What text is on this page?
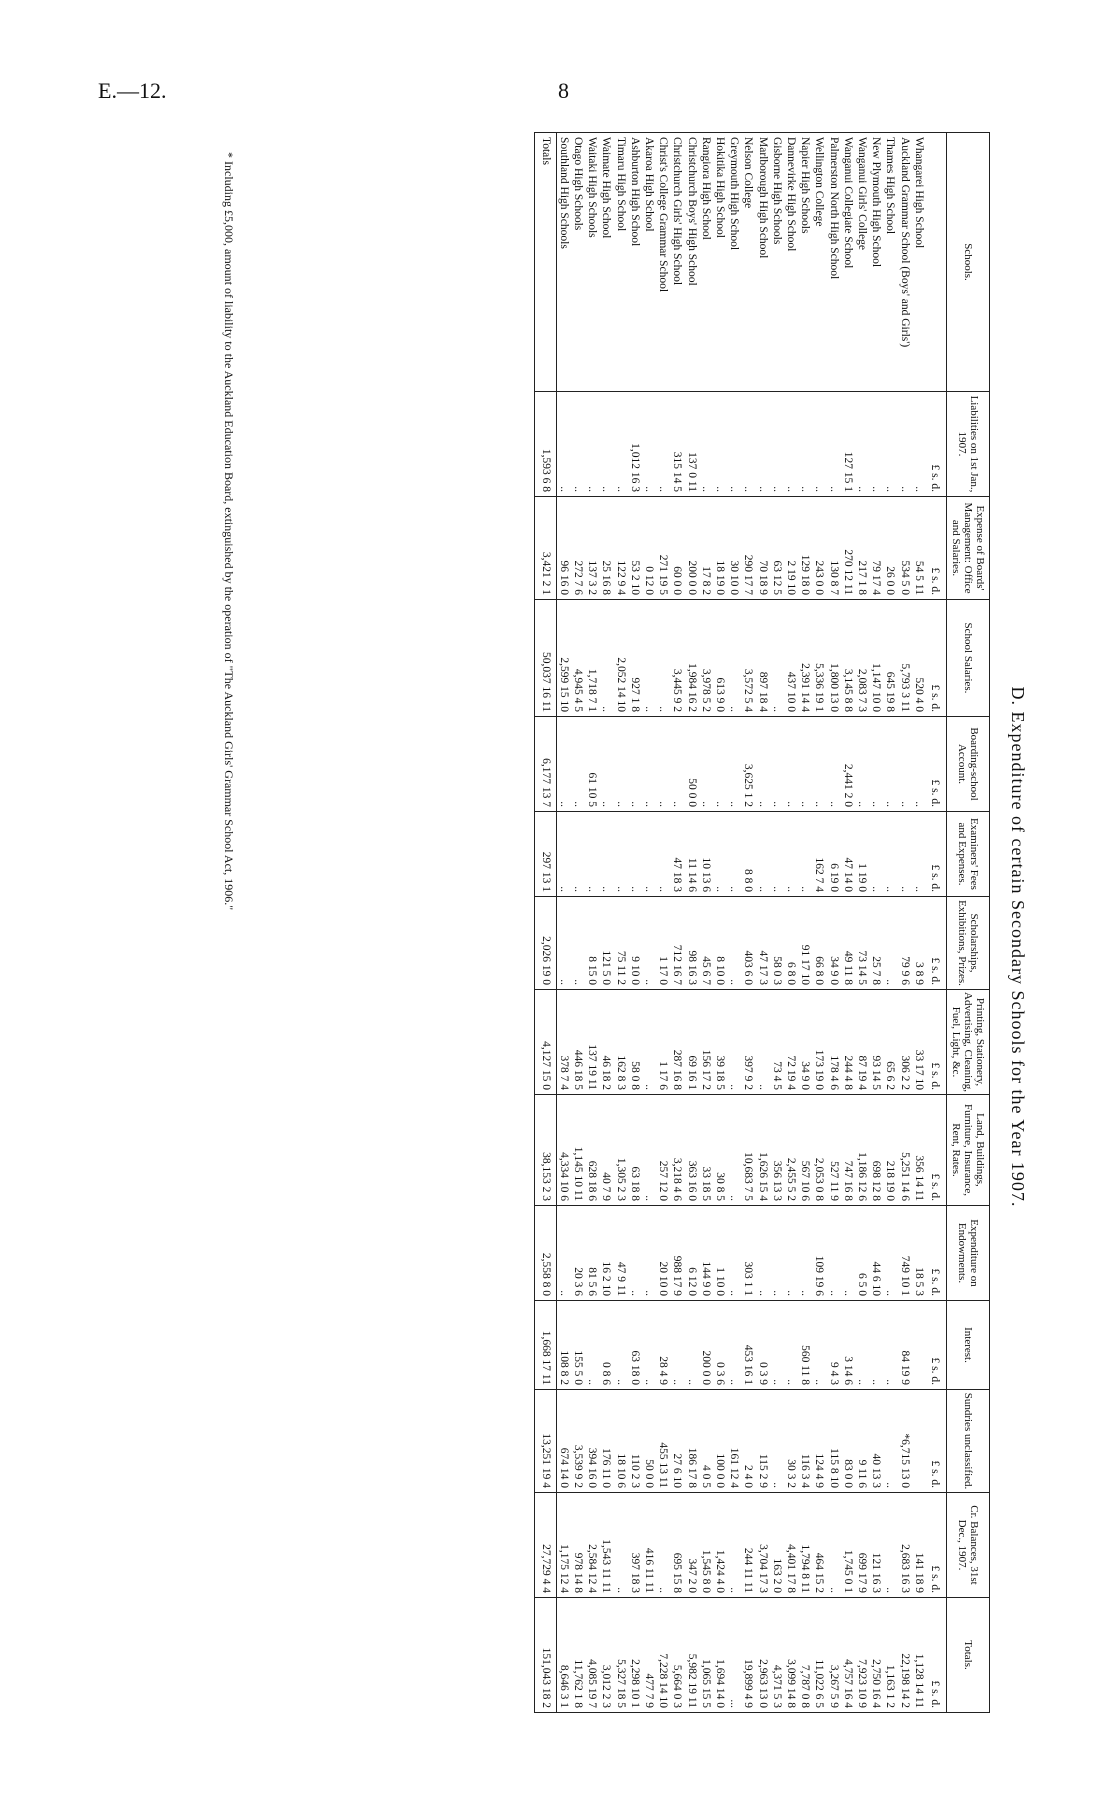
E.—12.	8
D. Expenditure of certain Secondary Schools for the Year 1907.
Schools.	Liabilities on 1st Jan., 1907.	Expense of Boards' Management: Office and Salaries.	School Salaries.	Boarding-school Account.	Examiners' Fees and Expenses.	Scholarships, Exhibitions, Prizes.	Printing, Stationery, Advertising, Cleaning, Fuel, Light, &c.	Land, Buildings, Furniture, Insurance, Rent, Rates.	Expenditure on Endowments.	Interest.	Sundries unclassified.	Cr. Balances, 31st Dec., 1907.	Totals.
	£ s. d.	£ s. d.	£ s. d.	£ s. d.	£ s. d.	£ s. d.	£ s. d.	£ s. d.	£ s. d.	£ s. d.	£ s. d.	£ s. d.	£ s. d.
Whangarei High School	..	54 5 11	520 4 0	..	..	3 8 9	33 17 10	356 14 11	18 5 3			141 18 9	1,128 14 11
Auckland Grammar School (Boys' and Girls')	..	534 5 0	5,793 3 11	..	..	79 9 6	306 2 2	5,251 14 6	749 10 1	84 19 9	*6,715 13 0	2,683 16 3	22,198 14 2
Thames High School	..	26 0 0	645 19 8	..	..	..	65 6 2	218 19 0	..	..	..	..	1,163 1 2
New Plymouth High School	..	79 17 4	1,147 10 0	..	..	25 7 8	93 14 5	698 12 8	44 6 10	..	40 13 3	121 16 3	2,750 16 4
Wanganui Girls' College	..	217 1 8	2,083 7 3	..	1 19 0	73 14 5	87 19 4	1,186 12 6	6 5 0	..	9 11 6	699 17 9	7,923 10 9
Wanganui Collegiate School	127 15 1	270 12 11	3,145 8 8	2,441 2 0	47 14 0	49 11 8	244 4 8	747 16 8	..	3 14 6	83 0 0	1,745 0 1	4,757 16 4
Palmerston North High School	..	130 8 7	1,800 13 0	..	6 19 0	34 9 0	178 4 6	527 11 9	..	9 4 3	115 8 10	..	3,267 5 9
Wellington College	..	243 0 0	5,336 19 1	..	162 7 4	66 8 0	173 19 0	2,053 0 8	109 19 6	..	124 4 9	464 15 2	11,022 6 5
Napier High Schools	..	129 18 0	2,391 14 4	..	..	91 17 10	34 9 0	567 10 6	..	560 11 8	116 3 4	1,794 8 11	7,787 0 8
Dannevirke High School	..	2 19 10	437 10 0	..	..	6 8 0	72 19 4	2,455 5 2	..	..	30 3 2	4,401 17 8	3,099 14 8
Gisborne High Schools	..	63 12 5	..	..	..	58 0 3	73 4 5	356 13 3	..	..	..	163 2 0	4,371 5 3
Marlborough High School	..	70 18 9	897 18 4	..	..	47 17 3	..	1,626 15 4	..	0 3 9	115 2 9	3,704 17 3	2,963 13 0
Nelson College	..	290 17 7	3,572 5 4	3,625 1 2	8 8 0	403 6 0	397 9 2	10,683 7 5	303 1 1	453 16 1	2 4 0	244 11 11	19,899 4 9
Greymouth High School	..	30 10 0	..	..	..	..	..	..	..	..	161 12 4	..	...
Hokitika High School	..	18 19 0	613 9 0	..	..	8 10 0	39 18 5	30 8 5	1 10 0	0 3 6	100 0 0	1,424 4 0	1,694 14 0
Rangiora High School	..	17 8 2	3,978 5 2	..	10 13 6	45 6 7	156 17 2	33 18 5	144 9 0	200 0 0	4 0 5	1,545 8 0	1,065 15 5
Christchurch Boys' High School	137 0 11	200 0 0	1,984 16 2	50 0 0	11 14 6	98 16 3	69 16 1	363 16 0	6 12 0	..	186 17 8	347 2 0	5,982 19 11
Christchurch Girls' High School	315 14 5	60 0 0	3,445 9 2	..	47 18 3	712 16 7	287 16 8	3,218 4 6	988 17 9	..	27 6 10	695 15 8	5,664 0 3
Christ's College Grammar School	..	271 19 5	..	..	..	1 17 0	1 17 6	257 12 0	20 10 0	28 4 9	455 13 11	..	7,228 14 10
Akaroa High School	..	0 12 0	..	..	..	..	..	..	..	..	50 0 0	416 11 11	477 7 9
Ashburton High School	1,012 16 3	53 2 10	927 1 8	..	..	9 10 0	58 0 8	63 18 8	..	63 18 0	110 2 3	397 18 3	2,298 10 1
Timaru High School	..	122 9 4	2,052 14 10	..	..	75 11 2	162 8 3	1,305 2 3	47 9 11	..	18 10 6	..	5,327 18 5
Waimate High School	..	25 16 8	..	..	..	121 5 0	46 18 2	40 7 9	16 2 10	0 8 6	176 11 0	1,543 11 11	3,012 2 3
Waitaki High Schools	..	137 3 2	1,718 7 1	61 10 5	..	8 15 0	137 19 11	628 18 6	81 5 6	..	394 16 0	2,584 12 4	4,085 19 7
Otago High Schools	..	272 7 6	4,945 4 5	..	..	..	446 18 5	1,145 10 11	20 3 6	155 5 0	3,539 9 2	978 14 8	11,762 1 8
Southland High Schools	..	96 16 0	2,599 15 10	..	..	..	378 7 4	4,334 10 6	..	108 8 2	674 14 0	1,175 12 4	8,646 3 1
Totals	1,593 6 8	3,421 2 1	50,037 16 11	6,177 13 7	297 13 1	2,026 19 0	4,127 15 0	38,153 2 3	2,558 8 0	1,668 17 11	13,251 19 4	27,729 4 4	151,043 18 2
* Including £5,000, amount of liability to the Auckland Education Board, extinguished by the operation of "The Auckland Girls' Grammar School Act, 1906."
